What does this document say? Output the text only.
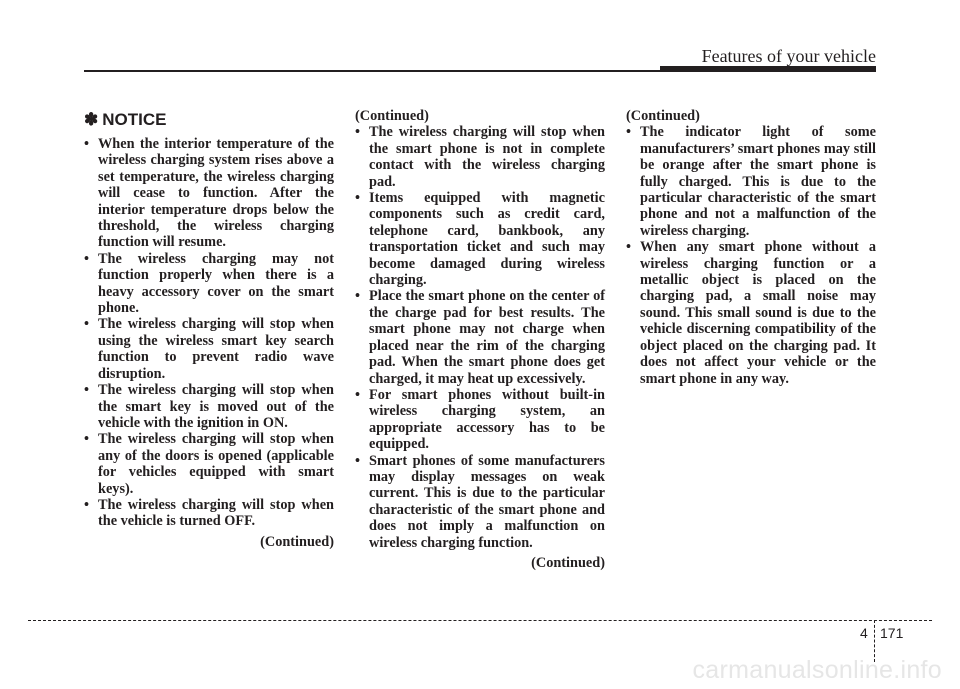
Features of your vehicle
✽ NOTICE
• When the interior temperature of the wireless charging system rises above a set temperature, the wireless charging will cease to function. After the interior temperature drops below the threshold, the wireless charging function will resume.
• The wireless charging may not function properly when there is a heavy accessory cover on the smart phone.
• The wireless charging will stop when using the wireless smart key search function to prevent radio wave disruption.
• The wireless charging will stop when the smart key is moved out of the vehicle with the ignition in ON.
• The wireless charging will stop when any of the doors is opened (applicable for vehicles equipped with smart keys).
• The wireless charging will stop when the vehicle is turned OFF.
(Continued)
(Continued)
• The wireless charging will stop when the smart phone is not in complete contact with the wireless charging pad.
• Items equipped with magnetic components such as credit card, telephone card, bankbook, any transportation ticket and such may become damaged during wireless charging.
• Place the smart phone on the center of the charge pad for best results. The smart phone may not charge when placed near the rim of the charging pad. When the smart phone does get charged, it may heat up excessively.
• For smart phones without built-in wireless charging system, an appropriate accessory has to be equipped.
• Smart phones of some manufacturers may display messages on weak current. This is due to the particular characteristic of the smart phone and does not imply a malfunction on wireless charging function.
(Continued)
(Continued)
• The indicator light of some manufacturers’ smart phones may still be orange after the smart phone is fully charged. This is due to the particular characteristic of the smart phone and not a malfunction of the wireless charging.
• When any smart phone without a wireless charging function or a metallic object is placed on the charging pad, a small noise may sound. This small sound is due to the vehicle discerning compatibility of the object placed on the charging pad. It does not affect your vehicle or the smart phone in any way.
4 171
carmanualsonline.info
